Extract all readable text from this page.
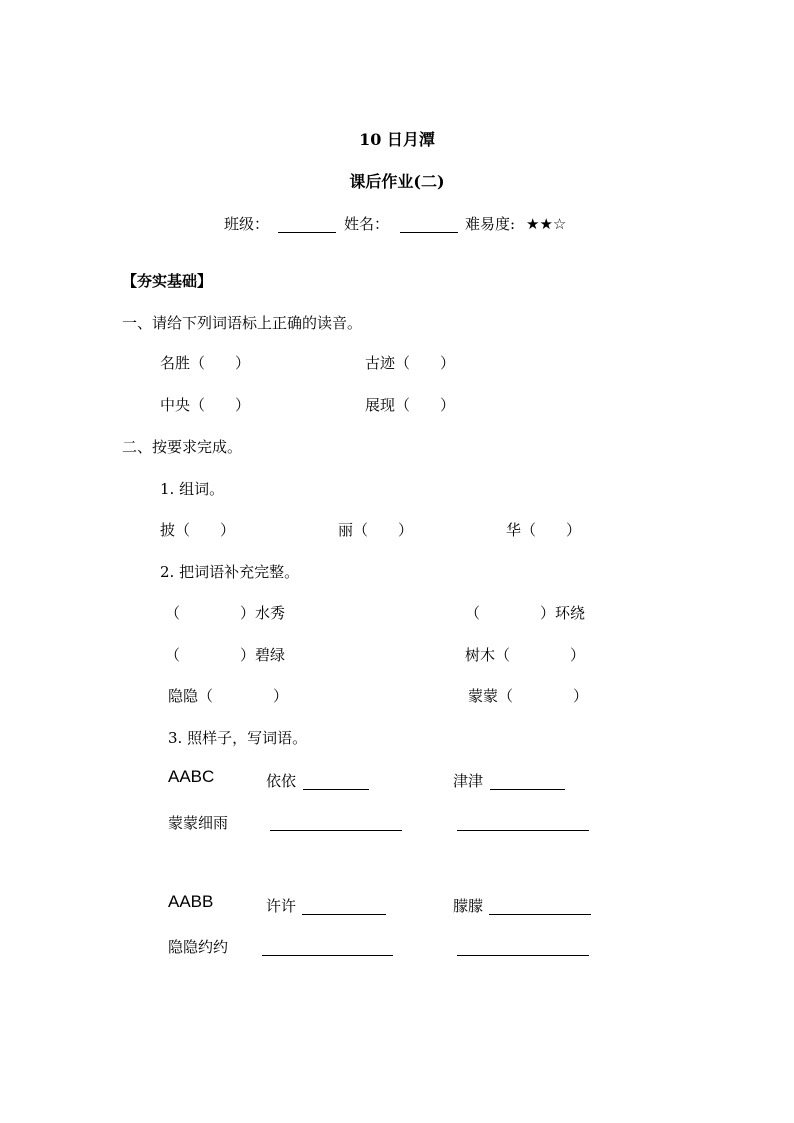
10 日月潭
课后作业(二)
班级：	姓名：	难易度: ★★☆
【夯实基础】
一、请给下列词语标上正确的读音。
名胜（　　）	古迹（　　）
中央（　　）	展现（　　）
二、按要求完成。
1. 组词。
披（　　）	丽（　　）	华（　　）
2. 把词语补充完整。
（　　　　）水秀	（　　　　）环绕
（　　　　）碧绿	树木（　　　　）
隐隐（　　　　）	蒙蒙（　　　　）
3. 照样子，写词语。
AABC	依依	津津
蒙蒙细雨
AABB	许许	朦朦
隐隐约约
